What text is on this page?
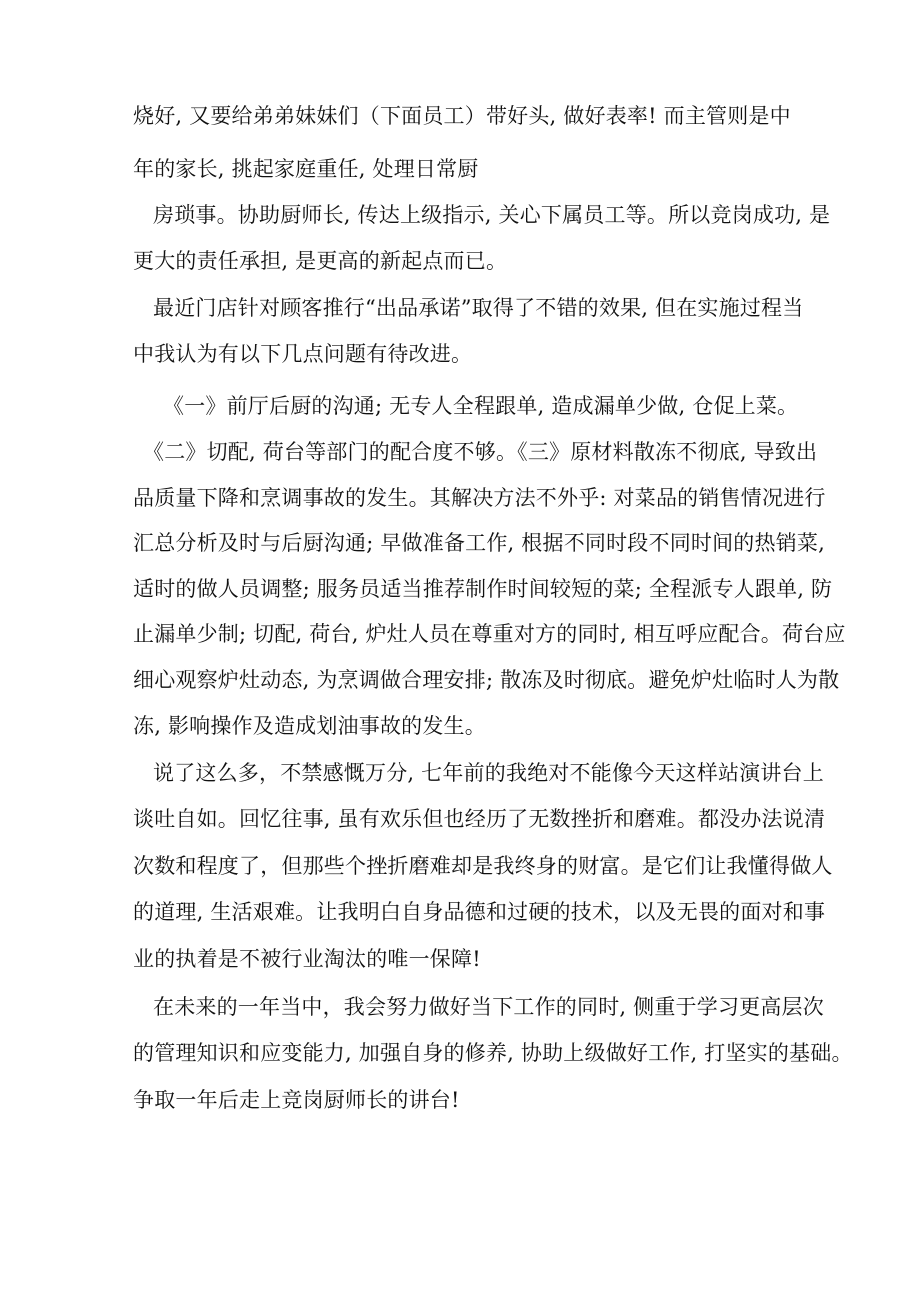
烧好, 又要给弟弟妹妹们（下面员工）带好头, 做好表率! 而主管则是中
年的家长, 挑起家庭重任, 处理日常厨
房琐事。协助厨师长, 传达上级指示, 关心下属员工等。所以竞岗成功, 是
更大的责任承担, 是更高的新起点而已。
最近门店针对顾客推行“出品承诺”取得了不错的效果, 但在实施过程当
中我认为有以下几点问题有待改进。
《一》前厅后厨的沟通; 无专人全程跟单, 造成漏单少做, 仓促上菜。
《二》切配, 荷台等部门的配合度不够。《三》原材料散冻不彻底, 导致出
品质量下降和烹调事故的发生。其解决方法不外乎: 对菜品的销售情况进行
汇总分析及时与后厨沟通; 早做准备工作, 根据不同时段不同时间的热销菜,
适时的做人员调整; 服务员适当推荐制作时间较短的菜; 全程派专人跟单, 防
止漏单少制; 切配, 荷台, 炉灶人员在尊重对方的同时, 相互呼应配合。荷台应
细心观察炉灶动态, 为烹调做合理安排; 散冻及时彻底。避免炉灶临时人为散
冻, 影响操作及造成划油事故的发生。
说了这么多，不禁感慨万分, 七年前的我绝对不能像今天这样站演讲台上
谈吐自如。回忆往事, 虽有欢乐但也经历了无数挫折和磨难。都没办法说清
次数和程度了，但那些个挫折磨难却是我终身的财富。是它们让我懂得做人
的道理, 生活艰难。让我明白自身品德和过硬的技术，以及无畏的面对和事
业的执着是不被行业淘汰的唯一保障!
在未来的一年当中，我会努力做好当下工作的同时, 侧重于学习更高层次
的管理知识和应变能力, 加强自身的修养, 协助上级做好工作, 打坚实的基础。
争取一年后走上竞岗厨师长的讲台!
